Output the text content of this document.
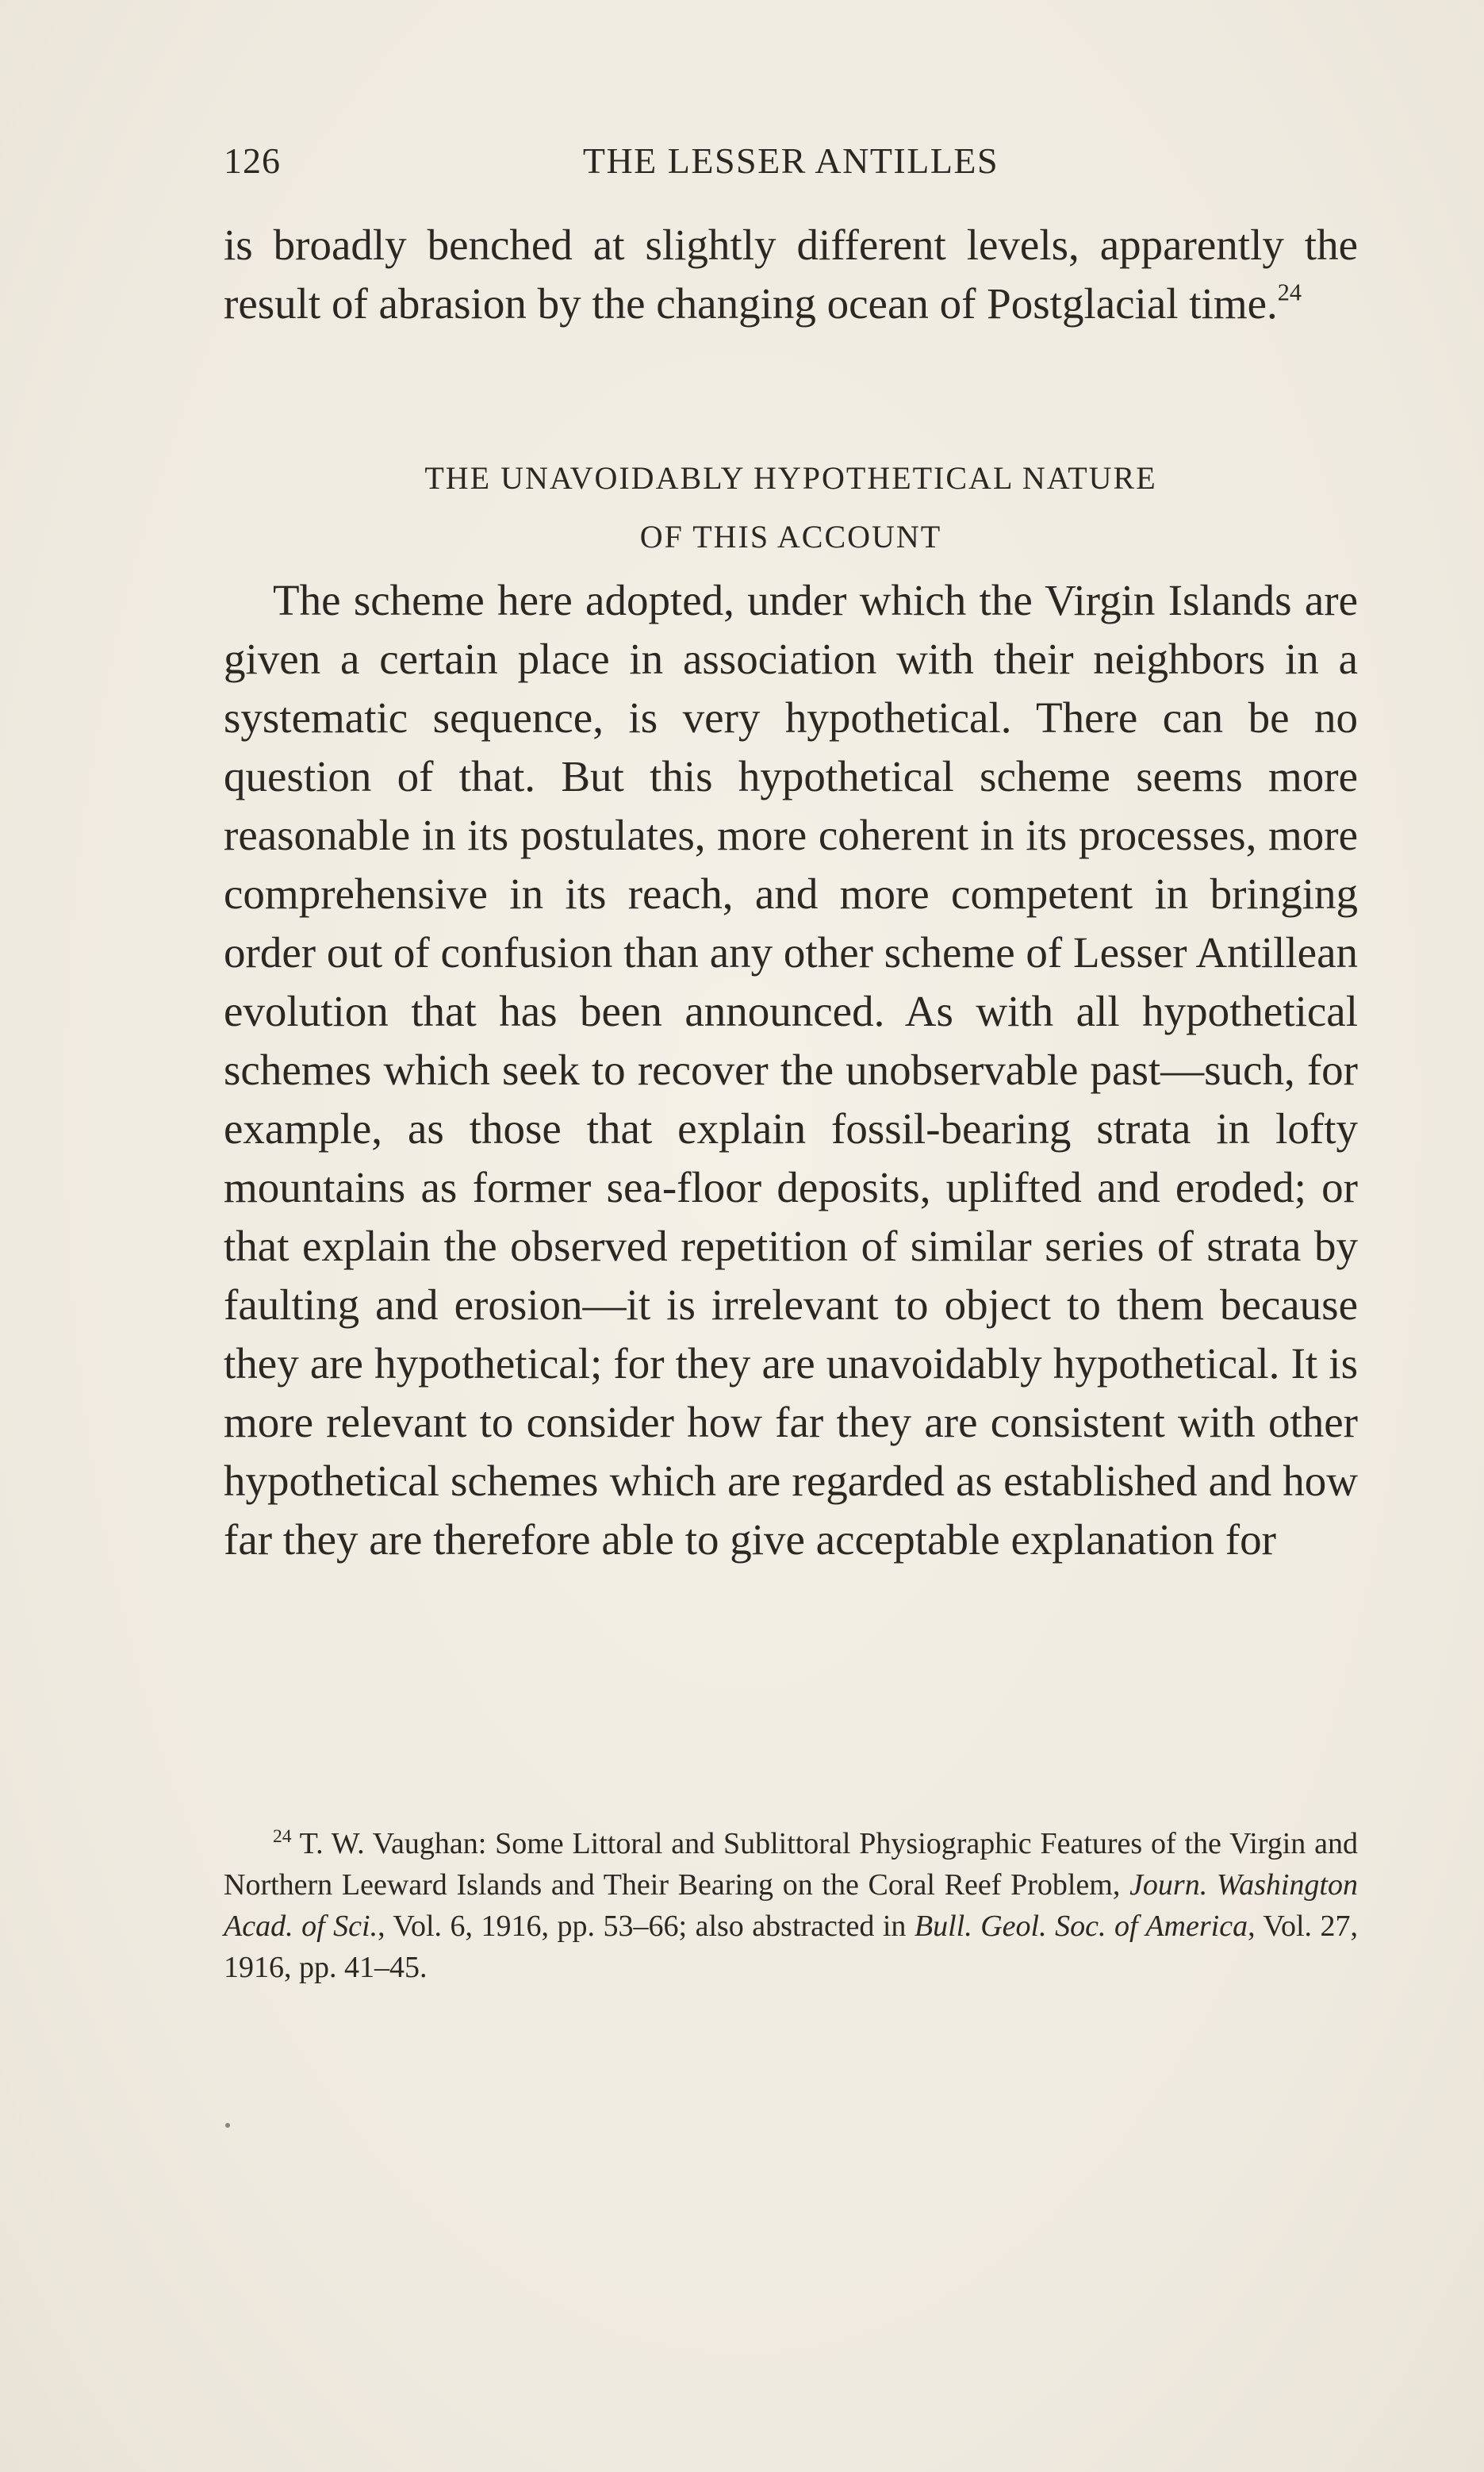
126	THE LESSER ANTILLES

is broadly benched at slightly different levels, apparently the result of abrasion by the changing ocean of Postglacial time.$^{24}$

THE UNAVOIDABLY HYPOTHETICAL NATURE
OF THIS ACCOUNT

The scheme here adopted, under which the Virgin Islands are given a certain place in association with their neighbors in a systematic sequence, is very hypothetical. There can be no question of that. But this hypothetical scheme seems more reasonable in its postulates, more coherent in its processes, more comprehensive in its reach, and more competent in bringing order out of confusion than any other scheme of Lesser Antillean evolution that has been announced. As with all hypothetical schemes which seek to recover the unobservable past—such, for example, as those that explain fossil-bearing strata in lofty mountains as former sea-floor deposits, uplifted and eroded; or that explain the observed repetition of similar series of strata by faulting and erosion—it is irrelevant to object to them because they are hypothetical; for they are unavoidably hypothetical. It is more relevant to consider how far they are consistent with other hypothetical schemes which are regarded as established and how far they are therefore able to give acceptable explanation for

$^{24}$ T. W. Vaughan: Some Littoral and Sublittoral Physiographic Features of the Virgin and Northern Leeward Islands and Their Bearing on the Coral Reef Problem, Journ. Washington Acad. of Sci., Vol. 6, 1916, pp. 53–66; also abstracted in Bull. Geol. Soc. of America, Vol. 27, 1916, pp. 41–45.
